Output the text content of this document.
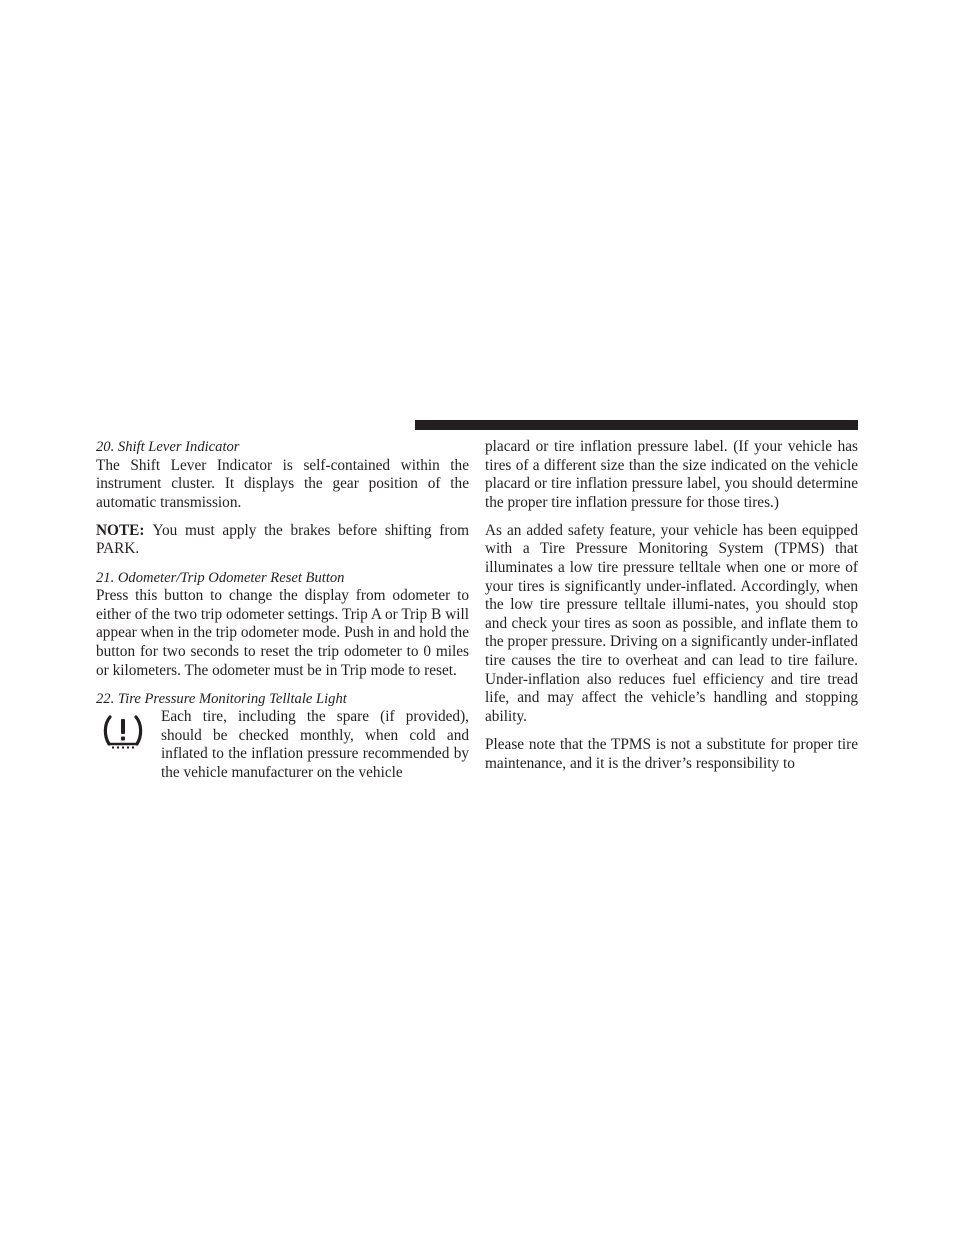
20. Shift Lever Indicator

The Shift Lever Indicator is self-contained within the instrument cluster. It displays the gear position of the automatic transmission.

NOTE: You must apply the brakes before shifting from PARK.

21. Odometer/Trip Odometer Reset Button

Press this button to change the display from odometer to either of the two trip odometer settings. Trip A or Trip B will appear when in the trip odometer mode. Push in and hold the button for two seconds to reset the trip odometer to 0 miles or kilometers. The odometer must be in Trip mode to reset.

22. Tire Pressure Monitoring Telltale Light

Each tire, including the spare (if provided), should be checked monthly, when cold and inflated to the inflation pressure recommended by the vehicle manufacturer on the vehicle

placard or tire inflation pressure label. (If your vehicle has tires of a different size than the size indicated on the vehicle placard or tire inflation pressure label, you should determine the proper tire inflation pressure for those tires.)

As an added safety feature, your vehicle has been equipped with a Tire Pressure Monitoring System (TPMS) that illuminates a low tire pressure telltale when one or more of your tires is significantly under-inflated. Accordingly, when the low tire pressure telltale illumi-nates, you should stop and check your tires as soon as possible, and inflate them to the proper pressure. Driving on a significantly under-inflated tire causes the tire to overheat and can lead to tire failure. Under-inflation also reduces fuel efficiency and tire tread life, and may affect the vehicle’s handling and stopping ability.

Please note that the TPMS is not a substitute for proper tire maintenance, and it is the driver’s responsibility to
